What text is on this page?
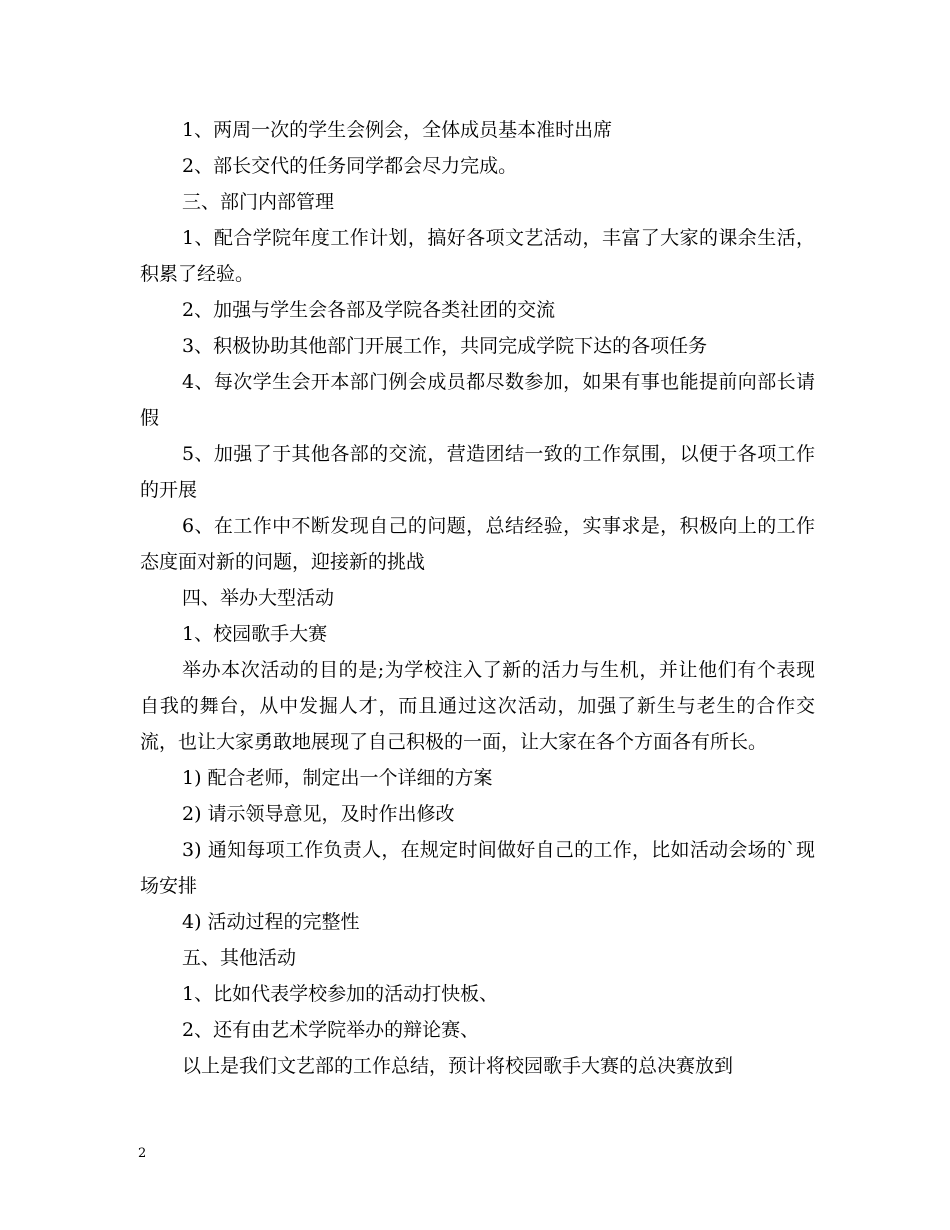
1、两周一次的学生会例会，全体成员基本准时出席

2、部长交代的任务同学都会尽力完成。

三、部门内部管理

1、配合学院年度工作计划，搞好各项文艺活动，丰富了大家的课余生活，积累了经验。

2、加强与学生会各部及学院各类社团的交流

3、积极协助其他部门开展工作，共同完成学院下达的各项任务

4、每次学生会开本部门例会成员都尽数参加，如果有事也能提前向部长请假

5、加强了于其他各部的交流，营造团结一致的工作氛围，以便于各项工作的开展

6、在工作中不断发现自己的问题，总结经验，实事求是，积极向上的工作态度面对新的问题，迎接新的挑战

四、举办大型活动

1、校园歌手大赛

举办本次活动的目的是;为学校注入了新的活力与生机，并让他们有个表现自我的舞台，从中发掘人才，而且通过这次活动，加强了新生与老生的合作交流，也让大家勇敢地展现了自己积极的一面，让大家在各个方面各有所长。

1) 配合老师，制定出一个详细的方案

2) 请示领导意见，及时作出修改

3) 通知每项工作负责人，在规定时间做好自己的工作，比如活动会场的`现场安排

4) 活动过程的完整性

五、其他活动

1、比如代表学校参加的活动打快板、

2、还有由艺术学院举办的辩论赛、

以上是我们文艺部的工作总结，预计将校园歌手大赛的总决赛放到

2
